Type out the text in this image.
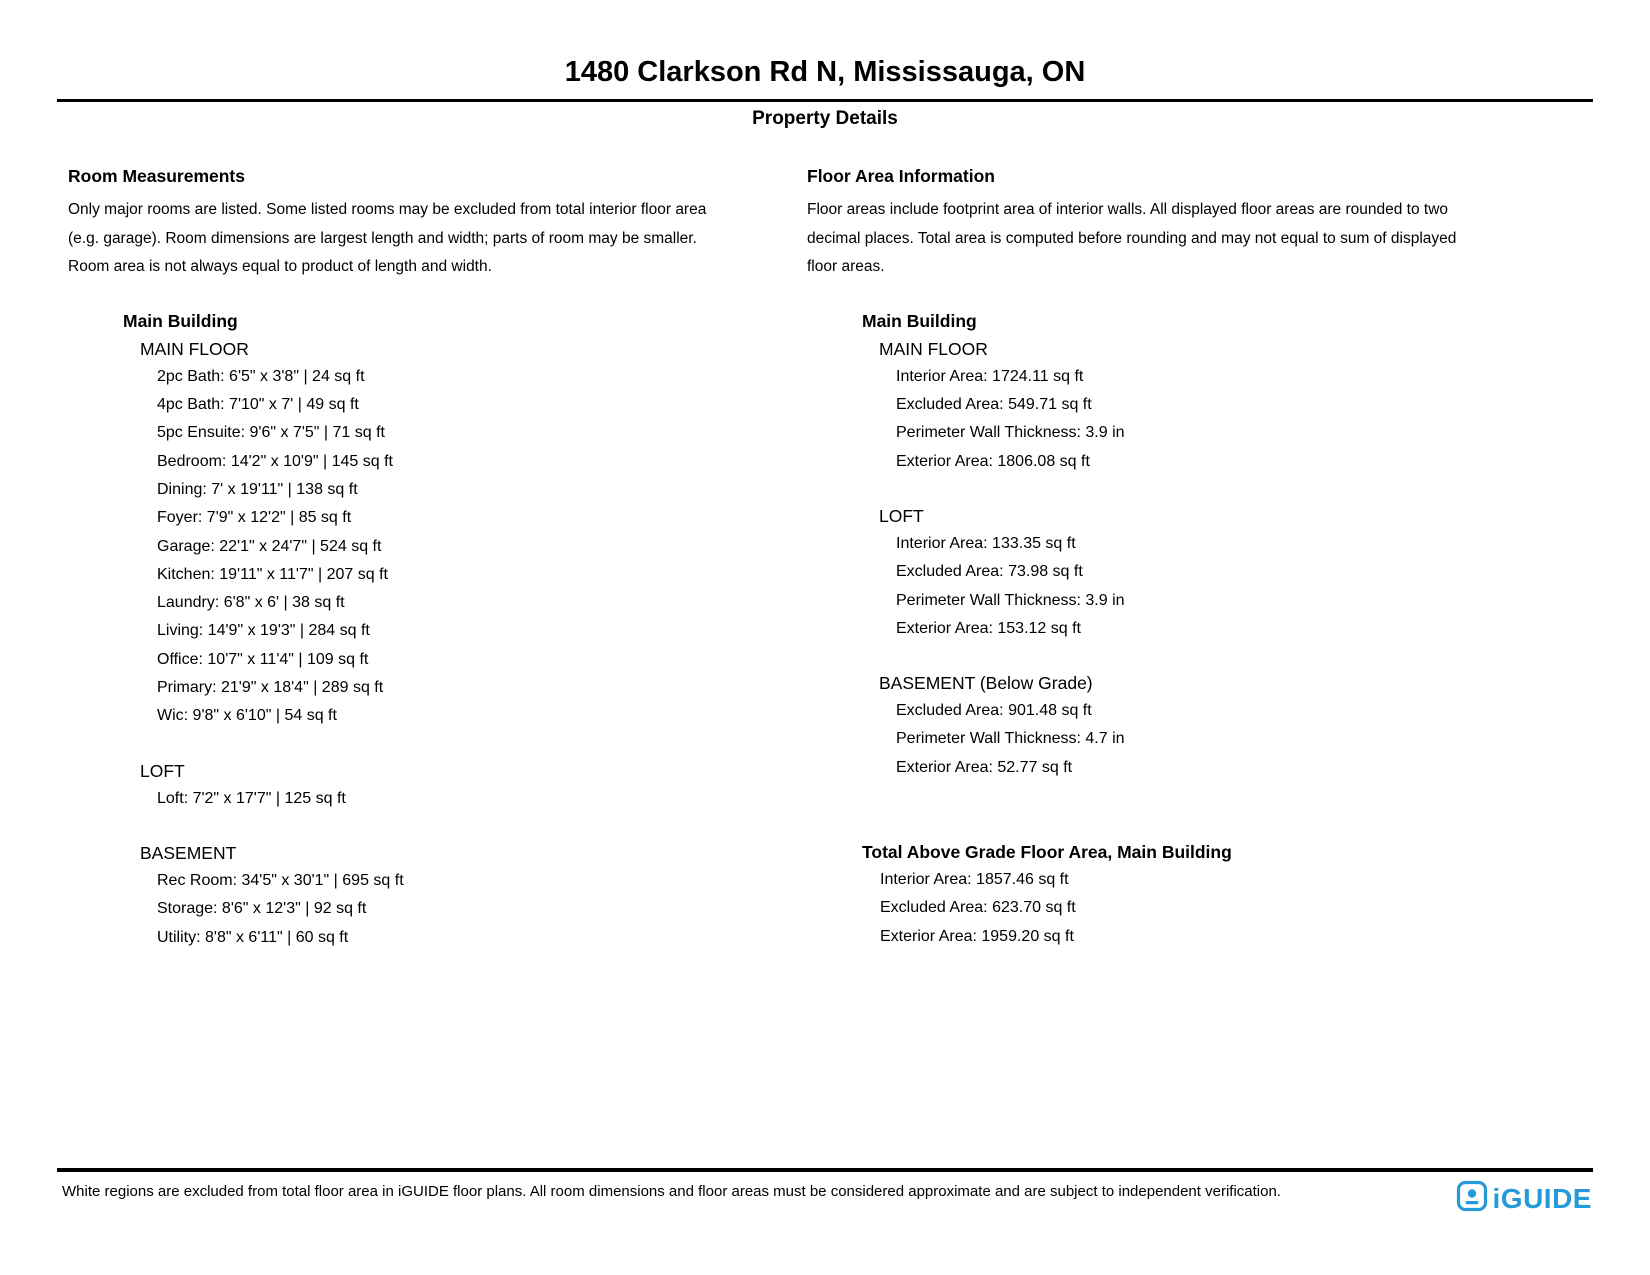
1480 Clarkson Rd N, Mississauga, ON
Property Details
Room Measurements
Only major rooms are listed. Some listed rooms may be excluded from total interior floor area
(e.g. garage). Room dimensions are largest length and width; parts of room may be smaller.
Room area is not always equal to product of length and width.
Main Building
MAIN FLOOR
2pc Bath: 6'5" x 3'8" | 24 sq ft
4pc Bath: 7'10" x 7' | 49 sq ft
5pc Ensuite: 9'6" x 7'5" | 71 sq ft
Bedroom: 14'2" x 10'9" | 145 sq ft
Dining: 7' x 19'11" | 138 sq ft
Foyer: 7'9" x 12'2" | 85 sq ft
Garage: 22'1" x 24'7" | 524 sq ft
Kitchen: 19'11" x 11'7" | 207 sq ft
Laundry: 6'8" x 6' | 38 sq ft
Living: 14'9" x 19'3" | 284 sq ft
Office: 10'7" x 11'4" | 109 sq ft
Primary: 21'9" x 18'4" | 289 sq ft
Wic: 9'8" x 6'10" | 54 sq ft
LOFT
Loft: 7'2" x 17'7" | 125 sq ft
BASEMENT
Rec Room: 34'5" x 30'1" | 695 sq ft
Storage: 8'6" x 12'3" | 92 sq ft
Utility: 8'8" x 6'11" | 60 sq ft
Floor Area Information
Floor areas include footprint area of interior walls. All displayed floor areas are rounded to two
decimal places. Total area is computed before rounding and may not equal to sum of displayed
floor areas.
Main Building
MAIN FLOOR
Interior Area: 1724.11 sq ft
Excluded Area: 549.71 sq ft
Perimeter Wall Thickness: 3.9 in
Exterior Area: 1806.08 sq ft
LOFT
Interior Area: 133.35 sq ft
Excluded Area: 73.98 sq ft
Perimeter Wall Thickness: 3.9 in
Exterior Area: 153.12 sq ft
BASEMENT (Below Grade)
Excluded Area: 901.48 sq ft
Perimeter Wall Thickness: 4.7 in
Exterior Area: 52.77 sq ft
Total Above Grade Floor Area, Main Building
Interior Area: 1857.46 sq ft
Excluded Area: 623.70 sq ft
Exterior Area: 1959.20 sq ft
White regions are excluded from total floor area in iGUIDE floor plans. All room dimensions and floor areas must be considered approximate and are subject to independent verification.	iGUIDE
